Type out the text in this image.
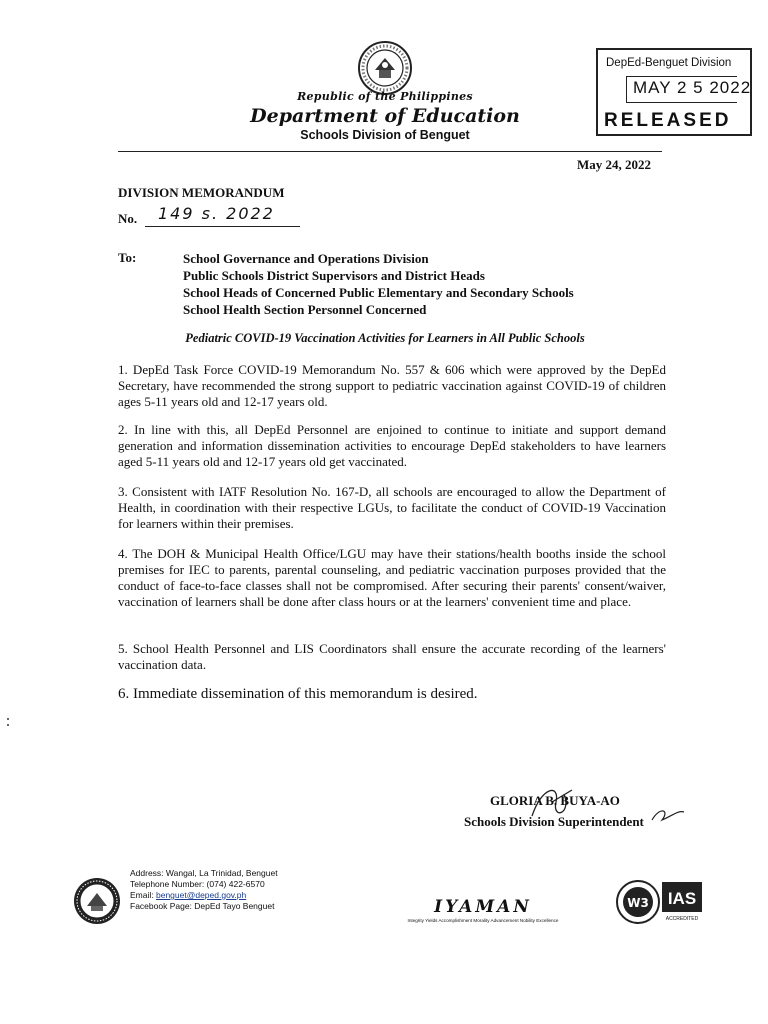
Republic of the Philippines
Department of Education
Schools Division of Benguet
DepEd-Benguet Division
MAY 2 5 2022
RELEASED
May 24, 2022
DIVISION MEMORANDUM
No. 149 s. 2022
To:	School Governance and Operations Division
Public Schools District Supervisors and District Heads
School Heads of Concerned Public Elementary and Secondary Schools
School Health Section Personnel Concerned
Pediatric COVID-19 Vaccination Activities for Learners in All Public Schools
1. DepEd Task Force COVID-19 Memorandum No. 557 & 606 which were approved by the DepEd Secretary, have recommended the strong support to pediatric vaccination against COVID-19 of children ages 5-11 years old and 12-17 years old.
2. In line with this, all DepEd Personnel are enjoined to continue to initiate and support demand generation and information dissemination activities to encourage DepEd stakeholders to have learners aged 5-11 years old and 12-17 years old get vaccinated.
3. Consistent with IATF Resolution No. 167-D, all schools are encouraged to allow the Department of Health, in coordination with their respective LGUs, to facilitate the conduct of COVID-19 Vaccination for learners within their premises.
4. The DOH & Municipal Health Office/LGU may have their stations/health booths inside the school premises for IEC to parents, parental counseling, and pediatric vaccination purposes provided that the conduct of face-to-face classes shall not be compromised. After securing their parents' consent/waiver, vaccination of learners shall be done after class hours or at the learners' convenient time and place.
5. School Health Personnel and LIS Coordinators shall ensure the accurate recording of the learners' vaccination data.
6. Immediate dissemination of this memorandum is desired.
GLORIA B. BUYA-AO
Schools Division Superintendent
Address: Wangal, La Trinidad, Benguet
Telephone Number: (074) 422-6570
Email: benguet@deped.gov.ph
Facebook Page: DepEd Tayo Benguet	IYAMAN
Integrity Yields Accomplishment Morality Advancement Nobility Excellence
W3 IAS
ACCREDITED
